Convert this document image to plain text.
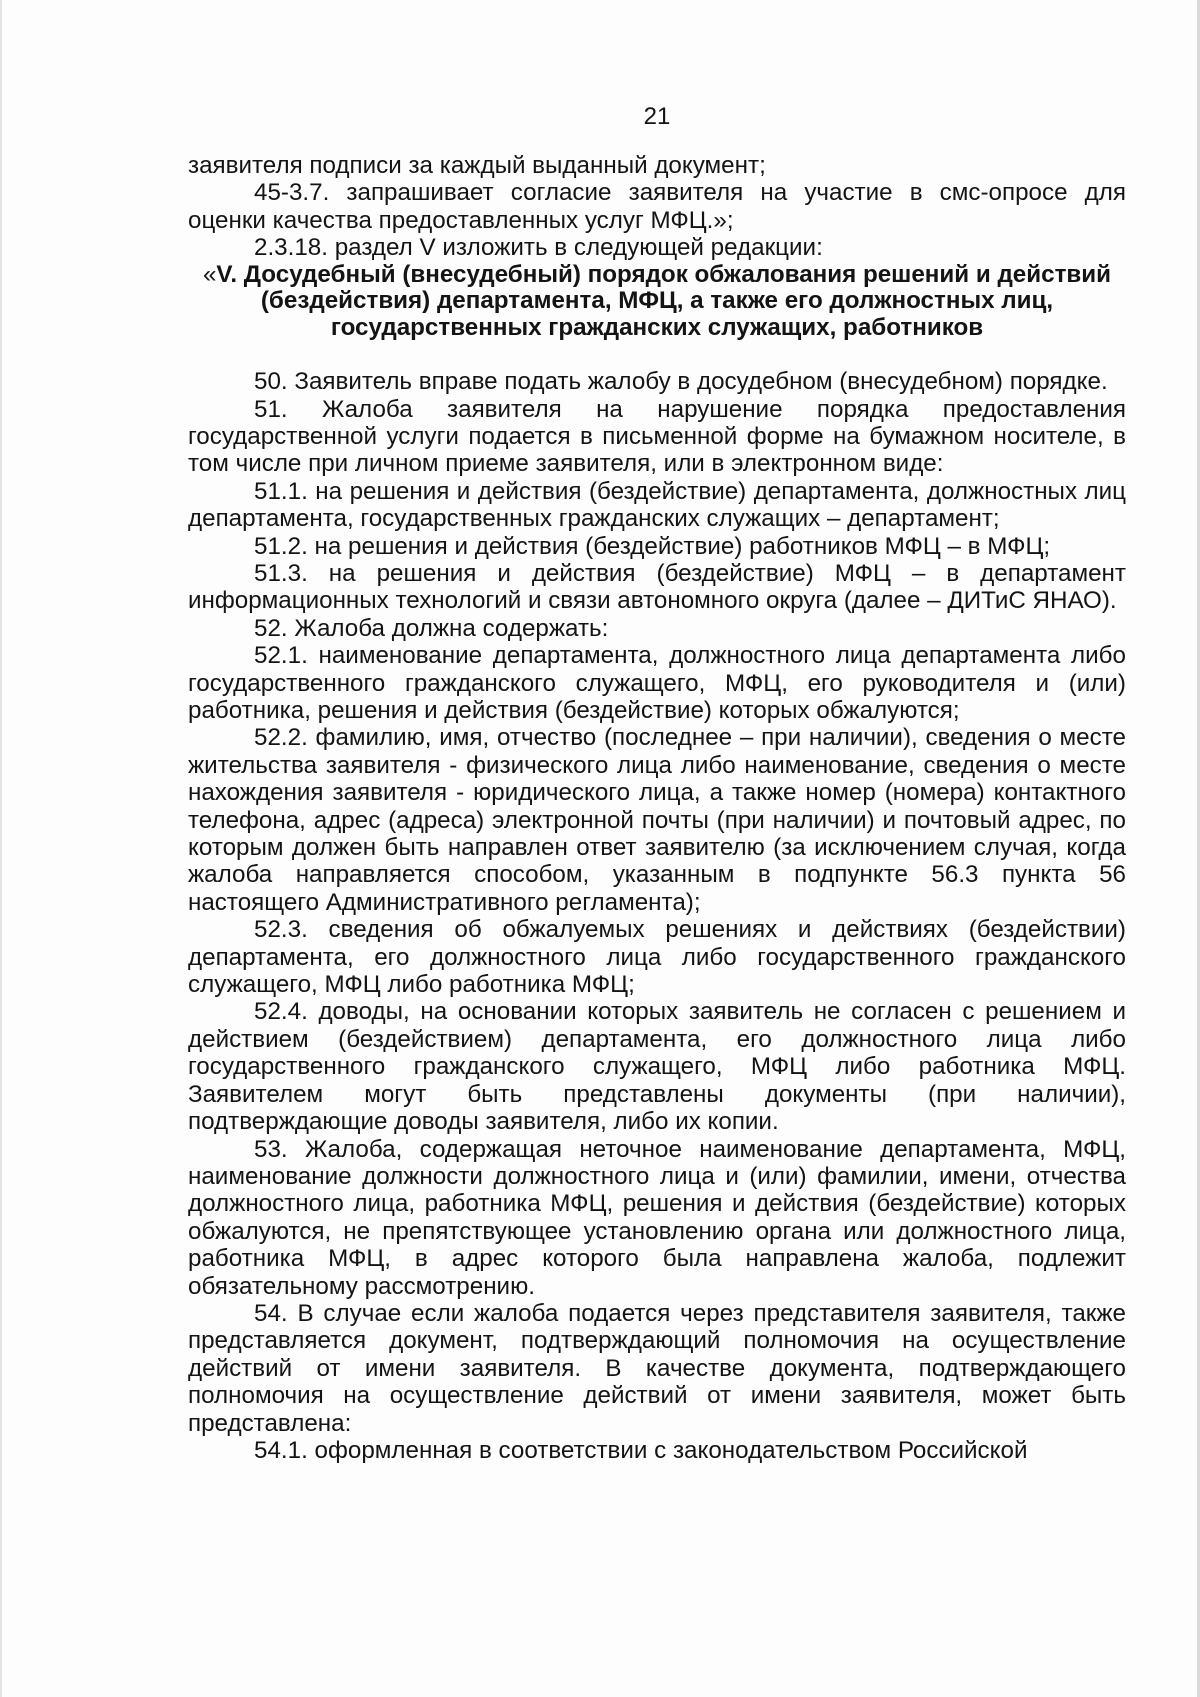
21

заявителя подписи за каждый выданный документ;

45-3.7. запрашивает согласие заявителя на участие в смс-опросе для оценки качества предоставленных услуг МФЦ.»;

2.3.18. раздел V изложить в следующей редакции:

«V. Досудебный (внесудебный) порядок обжалования решений и действий (бездействия) департамента, МФЦ, а также его должностных лиц, государственных гражданских служащих, работников

50. Заявитель вправе подать жалобу в досудебном (внесудебном) порядке.

51. Жалоба заявителя на нарушение порядка предоставления государственной услуги подается в письменной форме на бумажном носителе, в том числе при личном приеме заявителя, или в электронном виде:

51.1. на решения и действия (бездействие) департамента, должностных лиц департамента, государственных гражданских служащих – департамент;

51.2. на решения и действия (бездействие) работников МФЦ – в МФЦ;

51.3. на решения и действия (бездействие) МФЦ – в департамент информационных технологий и связи автономного округа (далее – ДИТиС ЯНАО).

52. Жалоба должна содержать:

52.1. наименование департамента, должностного лица департамента либо государственного гражданского служащего, МФЦ, его руководителя и (или) работника, решения и действия (бездействие) которых обжалуются;

52.2. фамилию, имя, отчество (последнее – при наличии), сведения о месте жительства заявителя - физического лица либо наименование, сведения о месте нахождения заявителя - юридического лица, а также номер (номера) контактного телефона, адрес (адреса) электронной почты (при наличии) и почтовый адрес, по которым должен быть направлен ответ заявителю (за исключением случая, когда жалоба направляется способом, указанным в подпункте 56.3 пункта 56 настоящего Административного регламента);

52.3. сведения об обжалуемых решениях и действиях (бездействии) департамента, его должностного лица либо государственного гражданского служащего, МФЦ либо работника МФЦ;

52.4. доводы, на основании которых заявитель не согласен с решением и действием (бездействием) департамента, его должностного лица либо государственного гражданского служащего, МФЦ либо работника МФЦ. Заявителем могут быть представлены документы (при наличии), подтверждающие доводы заявителя, либо их копии.

53. Жалоба, содержащая неточное наименование департамента, МФЦ, наименование должности должностного лица и (или) фамилии, имени, отчества должностного лица, работника МФЦ, решения и действия (бездействие) которых обжалуются, не препятствующее установлению органа или должностного лица, работника МФЦ, в адрес которого была направлена жалоба, подлежит обязательному рассмотрению.

54. В случае если жалоба подается через представителя заявителя, также представляется документ, подтверждающий полномочия на осуществление действий от имени заявителя. В качестве документа, подтверждающего полномочия на осуществление действий от имени заявителя, может быть представлена:

54.1. оформленная в соответствии с законодательством Российской
